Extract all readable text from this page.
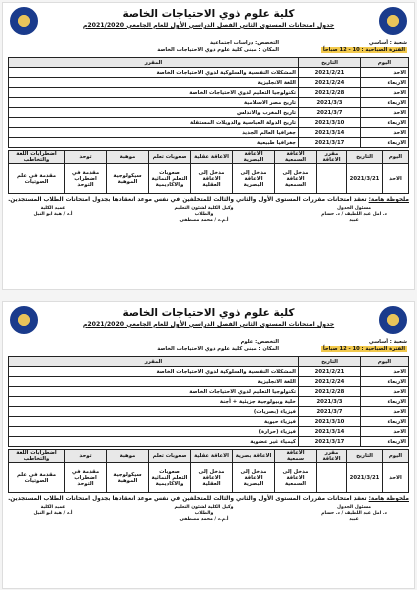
كلية علوم ذوي الاحتياجات الخاصة
جدول امتحانات المستوى الثاني الفصل الدراسي الأول للعام الجامعي 2021/2020م
شعبة : أساسي
الفترة الصباحية : 10 - 12 صباحاً
التخصص: دراسات اجتماعية
المكان : مبنى كلية علوم ذوي الاحتياجات الخاصة
اليوم	التاريخ	المقرر
الاحد	2021/2/21	المشكلات النفسية والسلوكية لذوي الاحتياجات الخاصة
الاربعاء	2021/2/24	اللغة الانجليزية
الاحد	2021/2/28	تكنولوجيا التعليم لذوي الاحتياجات الخاصة
الاربعاء	2021/3/3	تاريخ مصر الاسلامية
الاحد	2021/3/7	تاريخ المغرب والاندلس
الاربعاء	2021/3/10	تاريخ الدولة العباسية والدويلات المستقلة
الاحد	2021/3/14	جغرافيا العالم الجديد
الاربعاء	2021/3/17	جغرافيا طبيعية
اليوم	التاريخ	مقرر الاعاقة	الاعاقة السمعية	الاعاقة البصرية	الاعاقة عقلية	صعوبات تعلم	موهبة	توحد	اضطرابات اللغة والتخاطب
الاحد	2021/3/21		مدخل إلى الاعاقة السمعية	مدخل إلى الاعاقة البصرية	مدخل إلى الاعاقة العقلية	صعوبات التعلم النمائية والاكاديمية	سيكولوجية الموهبة	مقدمة في اضطراب التوحد	مقدمة في علم الصوتيات
ملحوظة هامة: تعقد امتحانات مقررات المستوى الأول والثاني والثالث للمتخلفين في نفس موعد انعقادها بجدول امتحانات الطلاب المستجدين.
مسئول الجدول
د. امل عبد اللطيف / د. حسام عبيد
وكيل الكلية لشئون التعليم والطلاب
أ.م.د / محمد مصطفى
عميد الكلية
أ.د / هبة ابو النيل
كلية علوم ذوي الاحتياجات الخاصة
جدول امتحانات المستوى الثاني الفصل الدراسي الأول للعام الجامعي 2021/2020م
شعبة : أساسي
الفترة الصباحية : 10 - 12 صباحاً
التخصص: علوم
المكان : مبنى كلية علوم ذوي الاحتياجات الخاصة
اليوم	التاريخ	المقرر
الاحد	2021/2/21	المشكلات النفسية والسلوكية لذوي الاحتياجات الخاصة
الاربعاء	2021/2/24	اللغة الانجليزية
الاحد	2021/2/28	تكنولوجيا التعليم لذوي الاحتياجات الخاصة
الاربعاء	2021/3/3	خلية وبيولوجية جزيئية + أجنة
الاحد	2021/3/7	فيزياء (بصريات)
الاربعاء	2021/3/10	فيزياء حيوية
الاحد	2021/3/14	فيزياء (حرارة)
الاربعاء	2021/3/17	كيمياء غير عضوية
اليوم	التاريخ	مقرر الاعاقة	الاعاقة سمعية	الاعاقة بصرية	الاعاقة عقلية	صعوبات تعلم	موهبة	توحد	اضطرابات اللغة والتخاطب
الاحد	2021/3/21		مدخل إلى الاعاقة السمعية	مدخل إلى الاعاقة البصرية	مدخل إلى الاعاقة العقلية	صعوبات التعلم النمائية والاكاديمية	سيكولوجية الموهبة	مقدمة في اضطراب التوحد	مقدمة في علم الصوتيات
ملحوظة هامة: تعقد امتحانات مقررات المستوى الأول والثاني والثالث للمتخلفين في نفس موعد انعقادها بجدول امتحانات الطلاب المستجدين.
مسئول الجدول
د. امل عبد اللطيف / د. حسام عبيد
وكيل الكلية لشئون التعليم والطلاب
أ.م.د / محمد مصطفى
عميد الكلية
أ.د / هبة ابو النيل
